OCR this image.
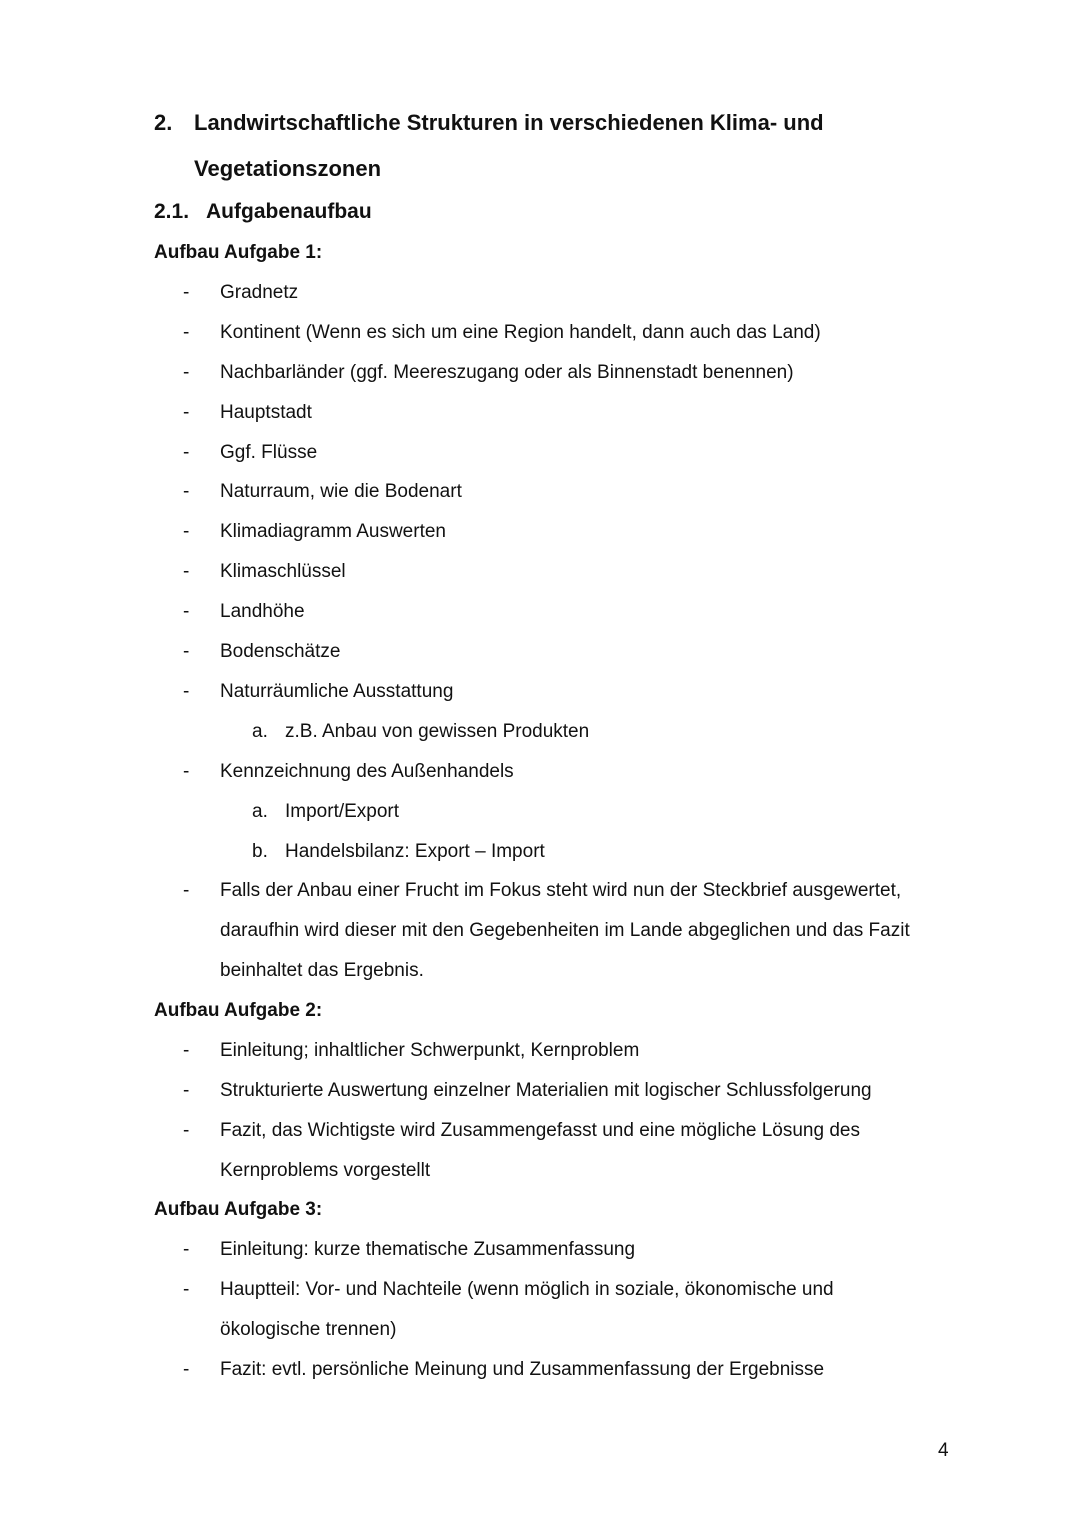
2. Landwirtschaftliche Strukturen in verschiedenen Klima- und Vegetationszonen
2.1. Aufgabenaufbau
Aufbau Aufgabe 1:
- Gradnetz
- Kontinent (Wenn es sich um eine Region handelt, dann auch das Land)
- Nachbarländer (ggf. Meereszugang oder als Binnenstadt benennen)
- Hauptstadt
- Ggf. Flüsse
- Naturraum, wie die Bodenart
- Klimadiagramm Auswerten
- Klimaschlüssel
- Landhöhe
- Bodenschätze
- Naturräumliche Ausstattung
a. z.B. Anbau von gewissen Produkten
- Kennzeichnung des Außenhandels
a. Import/Export
b. Handelsbilanz: Export – Import
- Falls der Anbau einer Frucht im Fokus steht wird nun der Steckbrief ausgewertet, daraufhin wird dieser mit den Gegebenheiten im Lande abgeglichen und das Fazit beinhaltet das Ergebnis.
Aufbau Aufgabe 2:
- Einleitung; inhaltlicher Schwerpunkt, Kernproblem
- Strukturierte Auswertung einzelner Materialien mit logischer Schlussfolgerung
- Fazit, das Wichtigste wird Zusammengefasst und eine mögliche Lösung des Kernproblems vorgestellt
Aufbau Aufgabe 3:
- Einleitung: kurze thematische Zusammenfassung
- Hauptteil: Vor- und Nachteile (wenn möglich in soziale, ökonomische und ökologische trennen)
- Fazit: evtl. persönliche Meinung und Zusammenfassung der Ergebnisse
4
